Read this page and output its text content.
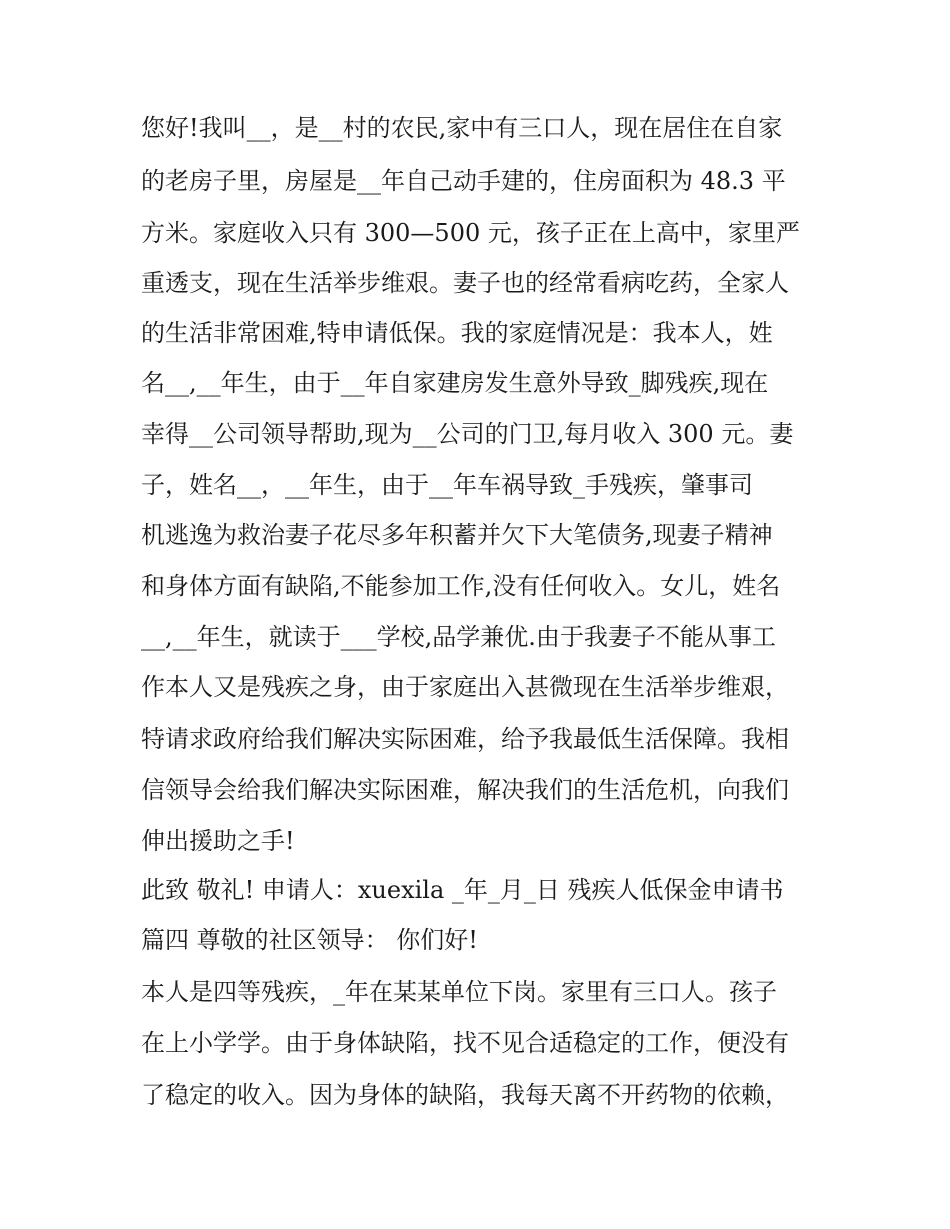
您好!我叫__，是__村的农民,家中有三口人，现在居住在自家
的老房子里，房屋是__年自己动手建的，住房面积为 48.3 平
方米。家庭收入只有 300—500 元，孩子正在上高中，家里严
重透支，现在生活举步维艰。妻子也的经常看病吃药，全家人
的生活非常困难,特申请低保。我的家庭情况是：我本人，姓
名__,__年生，由于__年自家建房发生意外导致_脚残疾,现在
幸得__公司领导帮助,现为__公司的门卫,每月收入 300 元。妻
子，姓名__，__年生，由于__年车祸导致_手残疾，肇事司
机逃逸为救治妻子花尽多年积蓄并欠下大笔债务,现妻子精神
和身体方面有缺陷,不能参加工作,没有任何收入。女儿，姓名
__,__年生，就读于___学校,品学兼优.由于我妻子不能从事工
作本人又是残疾之身，由于家庭出入甚微现在生活举步维艰，
特请求政府给我们解决实际困难，给予我最低生活保障。我相
信领导会给我们解决实际困难，解决我们的生活危机，向我们
伸出援助之手!
此致 敬礼! 申请人：xuexila _年_月_日 残疾人低保金申请书
篇四 尊敬的社区领导： 你们好!
本人是四等残疾，_年在某某单位下岗。家里有三口人。孩子
在上小学学。由于身体缺陷，找不见合适稳定的工作，便没有
了稳定的收入。因为身体的缺陷，我每天离不开药物的依赖，
